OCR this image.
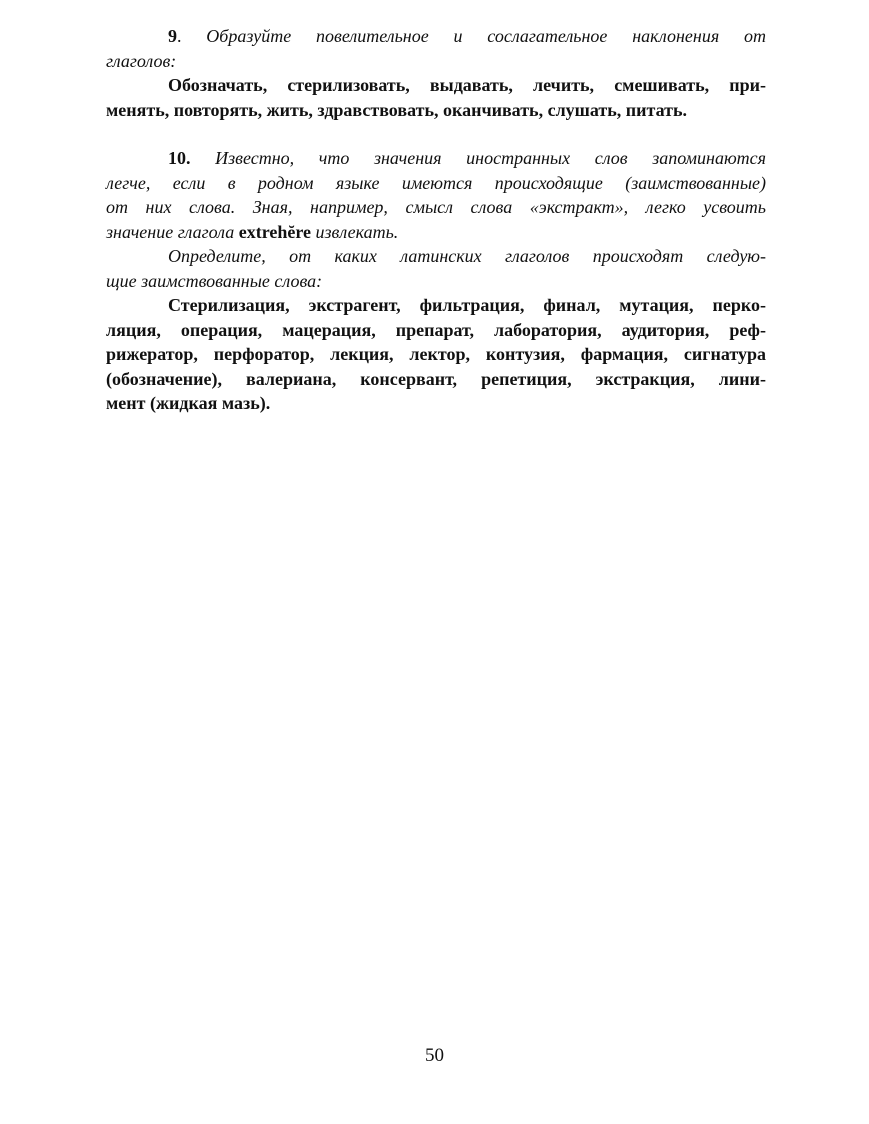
9. Образуйте повелительное и сослагательное наклонения от
глаголов:
Обозначать, стерилизовать, выдавать, лечить, смешивать, при-
менять, повторять, жить, здравствовать, оканчивать, слушать, питать.
10. Известно, что значения иностранных слов запоминаются
легче, если в родном языке имеются происходящие (заимствованные)
от них слова. Зная, например, смысл слова «экстракт», легко усвоить
значение глагола extrehĕre извлекать.
Определите, от каких латинских глаголов происходят следую-
щие заимствованные слова:
Стерилизация, экстрагент, фильтрация, финал, мутация, перко-
ляция, операция, мацерация, препарат, лаборатория, аудитория, реф-
рижератор, перфоратор, лекция, лектор, контузия, фармация, сигнатура
(обозначение), валериана, консервант, репетиция, экстракция, лини-
мент (жидкая мазь).
50
